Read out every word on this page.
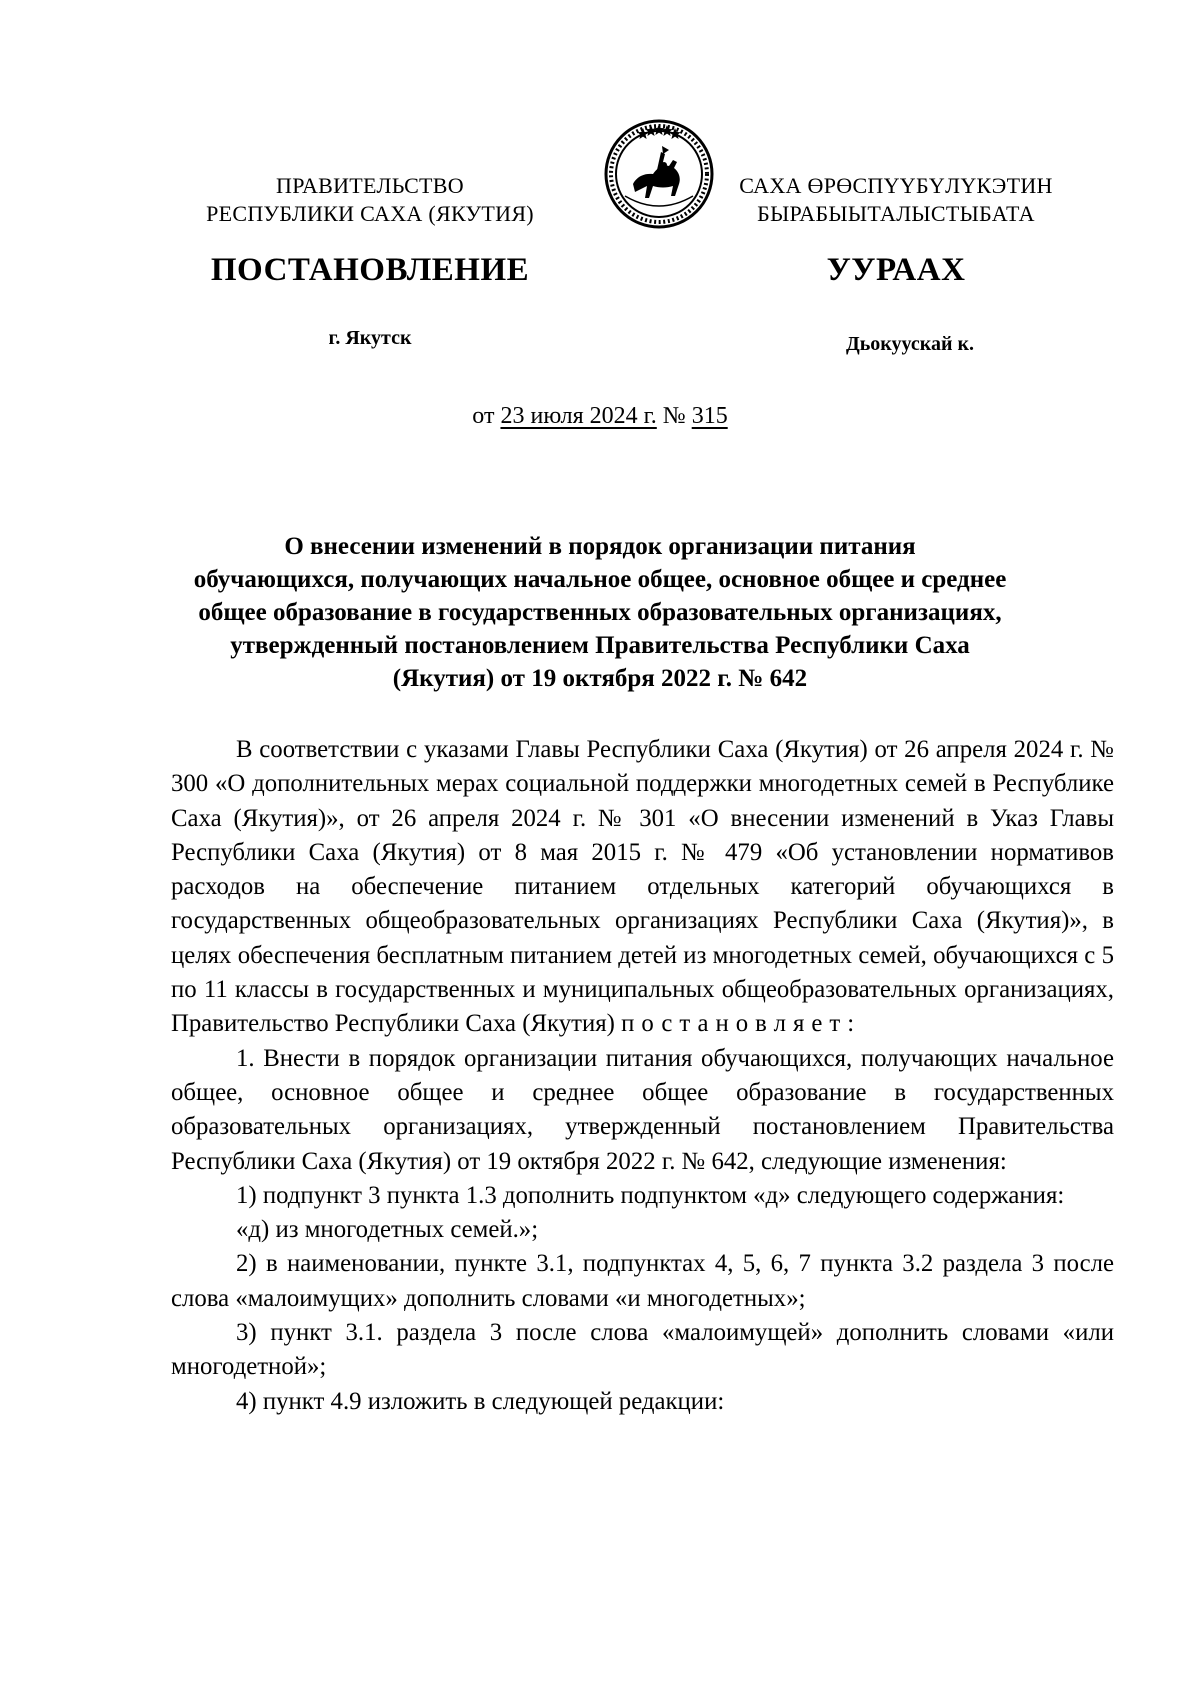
ПРАВИТЕЛЬСТВО
РЕСПУБЛИКИ САХА (ЯКУТИЯ)
САХА ӨРӨСПYYБYЛYКЭТИН
БЫРАБЫЫТАЛЫСТЫБАТА
ПОСТАНОВЛЕНИЕ	УУРААХ
г. Якутск	Дьокуускай к.
от 23 июля 2024 г. № 315
О внесении изменений в порядок организации питания
обучающихся, получающих начальное общее, основное общее и среднее
общее образование в государственных образовательных организациях,
утвержденный постановлением Правительства Республики Саха
(Якутия) от 19 октября 2022 г. № 642

В соответствии с указами Главы Республики Саха (Якутия) от 26 апреля 2024 г. № 300 «О дополнительных мерах социальной поддержки многодетных семей в Республике Саха (Якутия)», от 26 апреля 2024 г. № 301 «О внесении изменений в Указ Главы Республики Саха (Якутия) от 8 мая 2015 г. № 479 «Об установлении нормативов расходов на обеспечение питанием отдельных категорий обучающихся в государственных общеобразовательных организациях Республики Саха (Якутия)», в целях обеспечения бесплатным питанием детей из многодетных семей, обучающихся с 5 по 11 классы в государственных и муниципальных общеобразовательных организациях, Правительство Республики Саха (Якутия) постановляет:

1. Внести в порядок организации питания обучающихся, получающих начальное общее, основное общее и среднее общее образование в государственных образовательных организациях, утвержденный постановлением Правительства Республики Саха (Якутия) от 19 октября 2022 г. № 642, следующие изменения:

1) подпункт 3 пункта 1.3 дополнить подпунктом «д» следующего содержания:

«д) из многодетных семей.»;

2) в наименовании, пункте 3.1, подпунктах 4, 5, 6, 7 пункта 3.2 раздела 3 после слова «малоимущих» дополнить словами «и многодетных»;

3) пункт 3.1. раздела 3 после слова «малоимущей» дополнить словами «или многодетной»;

4) пункт 4.9 изложить в следующей редакции:
